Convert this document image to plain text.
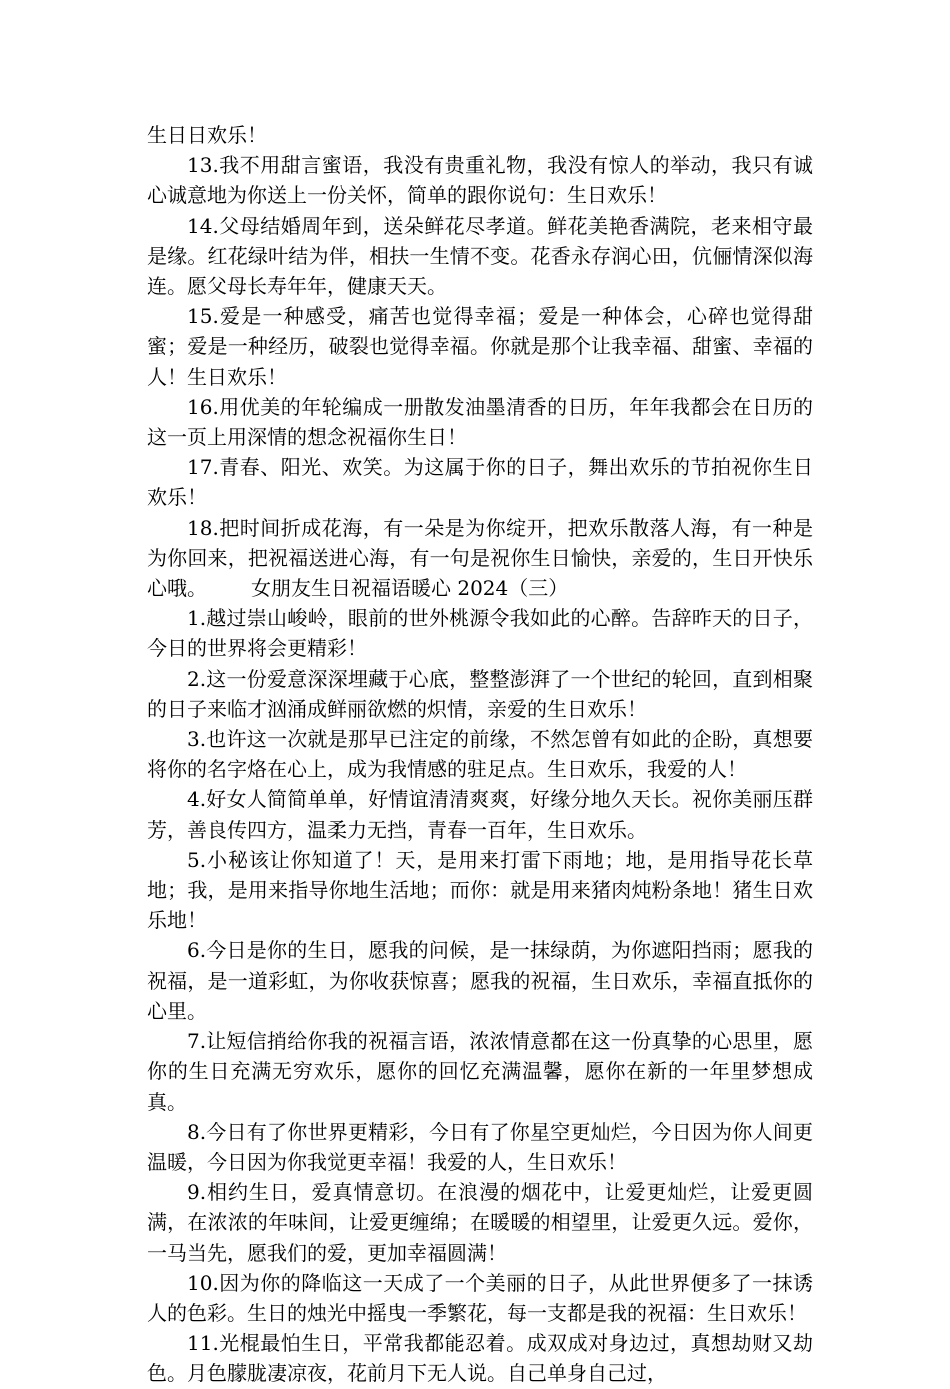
生日日欢乐！

13.我不用甜言蜜语，我没有贵重礼物，我没有惊人的举动，我只有诚心诚意地为你送上一份关怀，简单的跟你说句：生日欢乐！

14.父母结婚周年到，送朵鲜花尽孝道。鲜花美艳香满院，老来相守最是缘。红花绿叶结为伴，相扶一生情不变。花香永存润心田，伉俪情深似海连。愿父母长寿年年，健康天天。

15.爱是一种感受，痛苦也觉得幸福；爱是一种体会，心碎也觉得甜蜜；爱是一种经历，破裂也觉得幸福。你就是那个让我幸福、甜蜜、幸福的人！生日欢乐！

16.用优美的年轮编成一册散发油墨清香的日历，年年我都会在日历的这一页上用深情的想念祝福你生日！

17.青春、阳光、欢笑。为这属于你的日子，舞出欢乐的节拍祝你生日欢乐！

18.把时间折成花海，有一朵是为你绽开，把欢乐散落人海，有一种是为你回来，把祝福送进心海，有一句是祝你生日愉快，亲爱的，生日开快乐心哦。 女朋友生日祝福语暖心 2024（三）

1.越过崇山峻岭，眼前的世外桃源令我如此的心醉。告辞昨天的日子，今日的世界将会更精彩！

2.这一份爱意深深埋藏于心底，整整澎湃了一个世纪的轮回，直到相聚的日子来临才汹涌成鲜丽欲燃的炽情，亲爱的生日欢乐！

3.也许这一次就是那早已注定的前缘，不然怎曾有如此的企盼，真想要将你的名字烙在心上，成为我情感的驻足点。生日欢乐，我爱的人！

4.好女人简简单单，好情谊清清爽爽，好缘分地久天长。祝你美丽压群芳，善良传四方，温柔力无挡，青春一百年，生日欢乐。

5.小秘该让你知道了！天，是用来打雷下雨地；地，是用指导花长草地；我，是用来指导你地生活地；而你：就是用来猪肉炖粉条地！猪生日欢乐地！

6.今日是你的生日，愿我的问候，是一抹绿荫，为你遮阳挡雨；愿我的祝福，是一道彩虹，为你收获惊喜；愿我的祝福，生日欢乐，幸福直抵你的心里。

7.让短信捎给你我的祝福言语，浓浓情意都在这一份真挚的心思里，愿你的生日充满无穷欢乐，愿你的回忆充满温馨，愿你在新的一年里梦想成真。

8.今日有了你世界更精彩，今日有了你星空更灿烂，今日因为你人间更温暖，今日因为你我觉更幸福！我爱的人，生日欢乐！

9.相约生日，爱真情意切。在浪漫的烟花中，让爱更灿烂，让爱更圆满，在浓浓的年味间，让爱更缠绵；在暖暖的相望里，让爱更久远。爱你，一马当先，愿我们的爱，更加幸福圆满！

10.因为你的降临这一天成了一个美丽的日子，从此世界便多了一抹诱人的色彩。生日的烛光中摇曳一季繁花，每一支都是我的祝福：生日欢乐！

11.光棍最怕生日，平常我都能忍着。成双成对身边过，真想劫财又劫色。月色朦胧凄凉夜，花前月下无人说。自己单身自己过，
